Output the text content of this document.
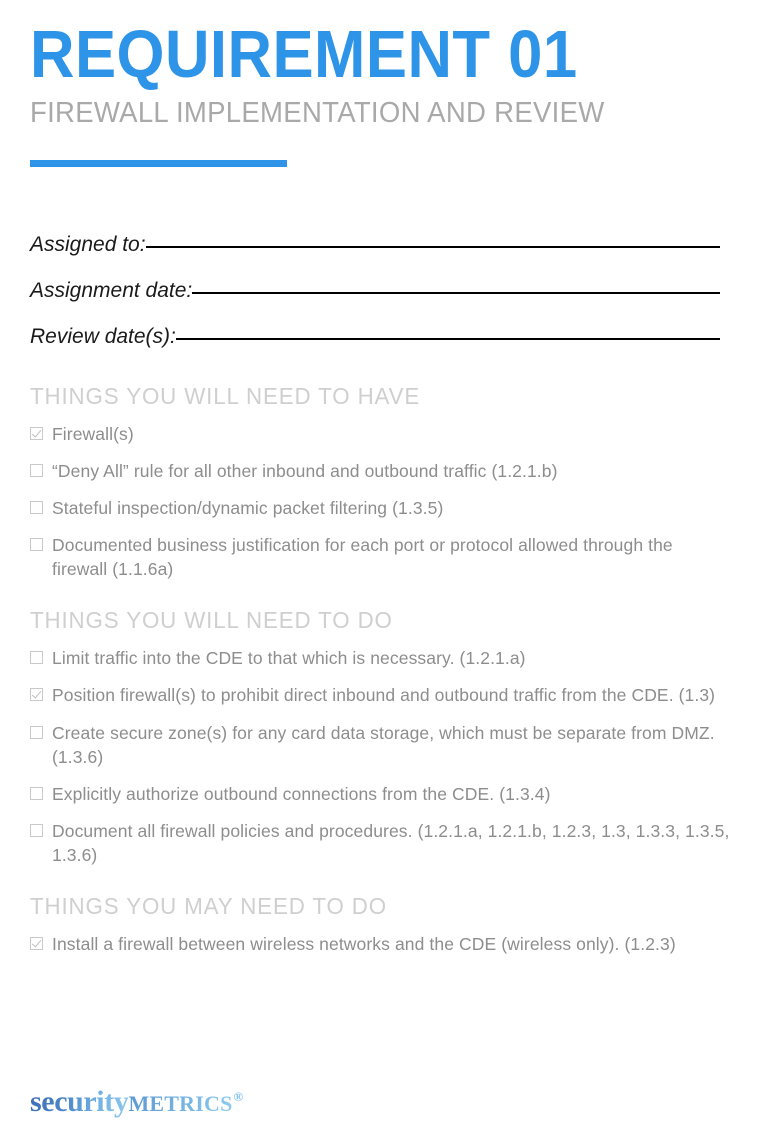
REQUIREMENT 01
FIREWALL IMPLEMENTATION AND REVIEW
Assigned to:
Assignment date:
Review date(s):
THINGS YOU WILL NEED TO HAVE
Firewall(s)
“Deny All” rule for all other inbound and outbound traffic (1.2.1.b)
Stateful inspection/dynamic packet filtering (1.3.5)
Documented business justification for each port or protocol allowed through the firewall (1.1.6a)
THINGS YOU WILL NEED TO DO
Limit traffic into the CDE to that which is necessary. (1.2.1.a)
Position firewall(s) to prohibit direct inbound and outbound traffic from the CDE. (1.3)
Create secure zone(s) for any card data storage, which must be separate from DMZ. (1.3.6)
Explicitly authorize outbound connections from the CDE. (1.3.4)
Document all firewall policies and procedures. (1.2.1.a, 1.2.1.b, 1.2.3, 1.3, 1.3.3, 1.3.5, 1.3.6)
THINGS YOU MAY NEED TO DO
Install a firewall between wireless networks and the CDE (wireless only). (1.2.3)
security METRICS ®
